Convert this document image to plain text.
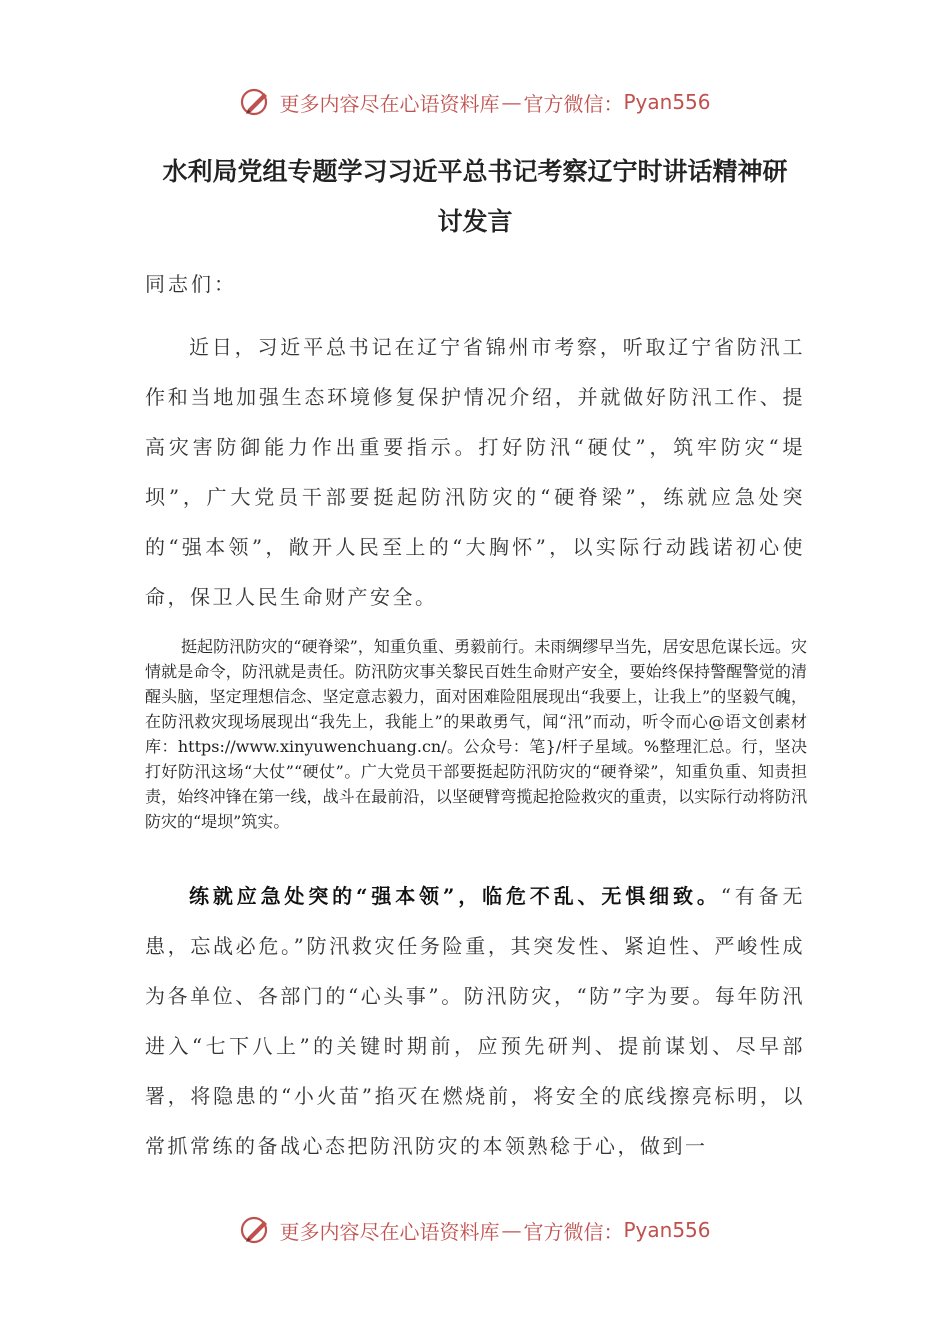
更多内容尽在心语资料库 — 官方微信： Pyan556
水利局党组专题学习习近平总书记考察辽宁时讲话精神研
讨发言

同志们：

近日，习近平总书记在辽宁省锦州市考察，听取辽宁省防汛工作和当地加强生态环境修复保护情况介绍，并就做好防汛工作、提高灾害防御能力作出重要指示。打好防汛“硬仗”，筑牢防灾“堤坝”，广大党员干部要挺起防汛防灾的“硬脊梁”，练就应急处突的“强本领”，敞开人民至上的“大胸怀”，以实际行动践诺初心使命，保卫人民生命财产安全。

挺起防汛防灾的“硬脊梁”，知重负重、勇毅前行。未雨绸缪早当先，居安思危谋长远。灾情就是命令，防汛就是责任。防汛防灾事关黎民百姓生命财产安全，要始终保持警醒警觉的清醒头脑，坚定理想信念、坚定意志毅力，面对困难险阻展现出“我要上，让我上”的坚毅气魄，在防汛救灾现场展现出“我先上，我能上”的果敢勇气，闻“汛”而动，听令而心@语文创素材库：https://www.xinyuwenchuang.cn/。公众号：笔}/杆子星域。%整理汇总。行，坚决打好防汛这场“大仗”“硬仗”。广大党员干部要挺起防汛防灾的“硬脊梁”，知重负重、知责担责，始终冲锋在第一线，战斗在最前沿，以坚硬臂弯揽起抢险救灾的重责，以实际行动将防汛防灾的“堤坝”筑实。

练就应急处突的“强本领”，临危不乱、无惧细致。“有备无患，忘战必危。”防汛救灾任务险重，其突发性、紧迫性、严峻性成为各单位、各部门的“心头事”。防汛防灾，“防”字为要。每年防汛进入“七下八上”的关键时期前，应预先研判、提前谋划、尽早部署，将隐患的“小火苗”掐灭在燃烧前，将安全的底线擦亮标明，以常抓常练的备战心态把防汛防灾的本领熟稔于心，做到一

更多内容尽在心语资料库 — 官方微信： Pyan556
